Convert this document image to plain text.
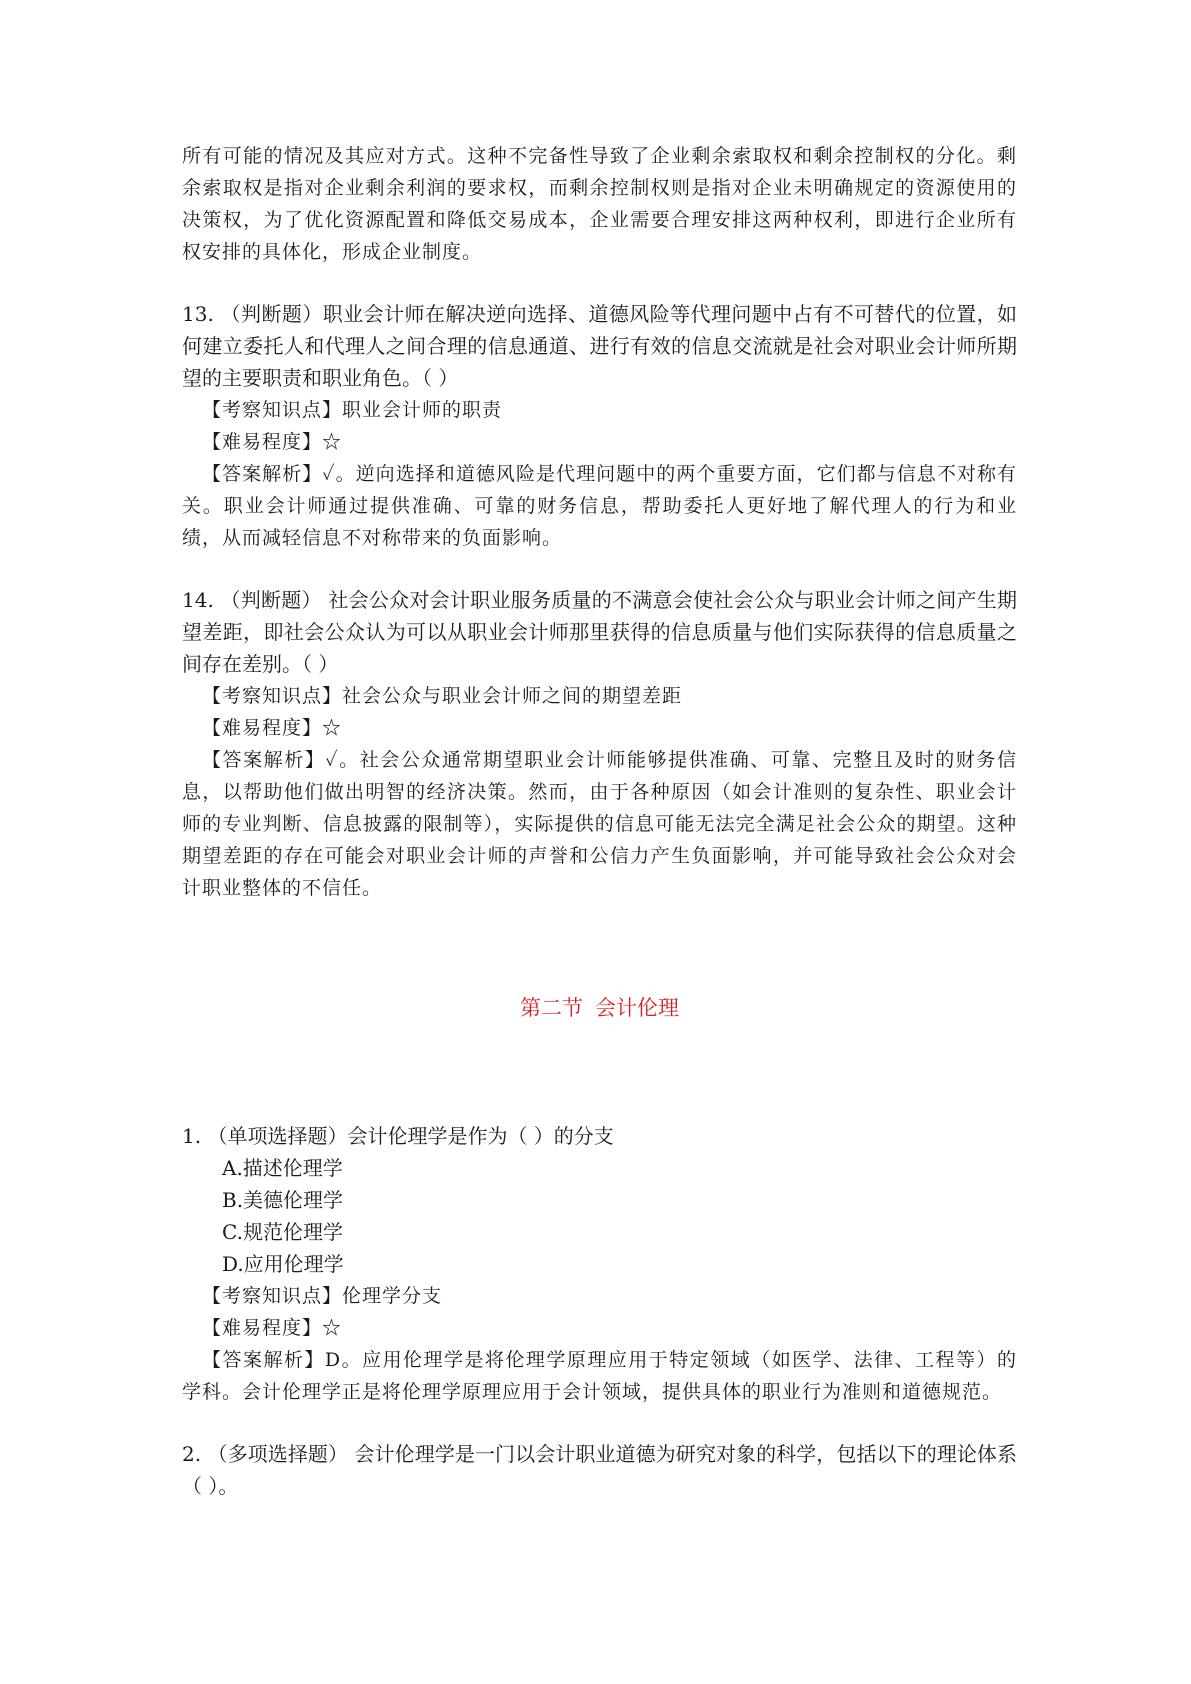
所有可能的情况及其应对方式。这种不完备性导致了企业剩余索取权和剩余控制权的分化。剩余索取权是指对企业剩余利润的要求权，而剩余控制权则是指对企业未明确规定的资源使用的决策权，为了优化资源配置和降低交易成本，企业需要合理安排这两种权利，即进行企业所有权安排的具体化，形成企业制度。

13. （判断题）职业会计师在解决逆向选择、道德风险等代理问题中占有不可替代的位置，如何建立委托人和代理人之间合理的信息通道、进行有效的信息交流就是社会对职业会计师所期望的主要职责和职业角色。（ ）

【考察知识点】职业会计师的职责

【难易程度】☆

【答案解析】✓。逆向选择和道德风险是代理问题中的两个重要方面，它们都与信息不对称有关。职业会计师通过提供准确、可靠的财务信息，帮助委托人更好地了解代理人的行为和业绩，从而减轻信息不对称带来的负面影响。

14. （判断题） 社会公众对会计职业服务质量的不满意会使社会公众与职业会计师之间产生期望差距，即社会公众认为可以从职业会计师那里获得的信息质量与他们实际获得的信息质量之间存在差别。（ ）

【考察知识点】社会公众与职业会计师之间的期望差距

【难易程度】☆

【答案解析】✓。社会公众通常期望职业会计师能够提供准确、可靠、完整且及时的财务信息，以帮助他们做出明智的经济决策。然而，由于各种原因（如会计准则的复杂性、职业会计师的专业判断、信息披露的限制等），实际提供的信息可能无法完全满足社会公众的期望。这种期望差距的存在可能会对职业会计师的声誉和公信力产生负面影响，并可能导致社会公众对会计职业整体的不信任。

第二节 会计伦理

1. （单项选择题）会计伦理学是作为（ ）的分支

A.描述伦理学

B.美德伦理学

C.规范伦理学

D.应用伦理学

【考察知识点】伦理学分支

【难易程度】☆

【答案解析】D。应用伦理学是将伦理学原理应用于特定领域（如医学、法律、工程等）的学科。会计伦理学正是将伦理学原理应用于会计领域，提供具体的职业行为准则和道德规范。

2. （多项选择题） 会计伦理学是一门以会计职业道德为研究对象的科学，包括以下的理论体系（ ）。
